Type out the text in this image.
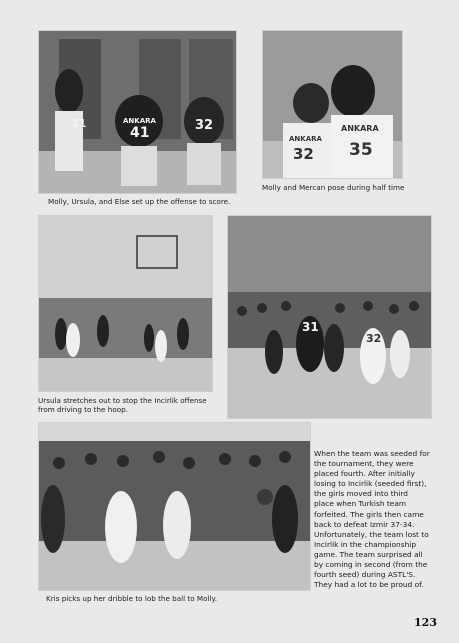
31	ANKARA
41	32
Molly, Ursula, and Else set up the offense to score.
ANKARA
32
ANKARA
35
Molly and Mercan pose during half time
Ursula stretches out to stop the Incirlik offense from driving to the hoop.
31
32
Kris picks up her dribble to lob the ball to Molly.
When the team was seeded for the tournament, they were placed fourth. After initially losing to Incirlik (seeded first), the girls moved into third place when Turkish team forfeited. The girls then came back to defeat Izmir 37-34. Unfortunately, the team lost to Incirlik in the championship game. The team surprised all by coming in second (from the fourth seed) during ASTL'S. They had a lot to be proud of.
123
